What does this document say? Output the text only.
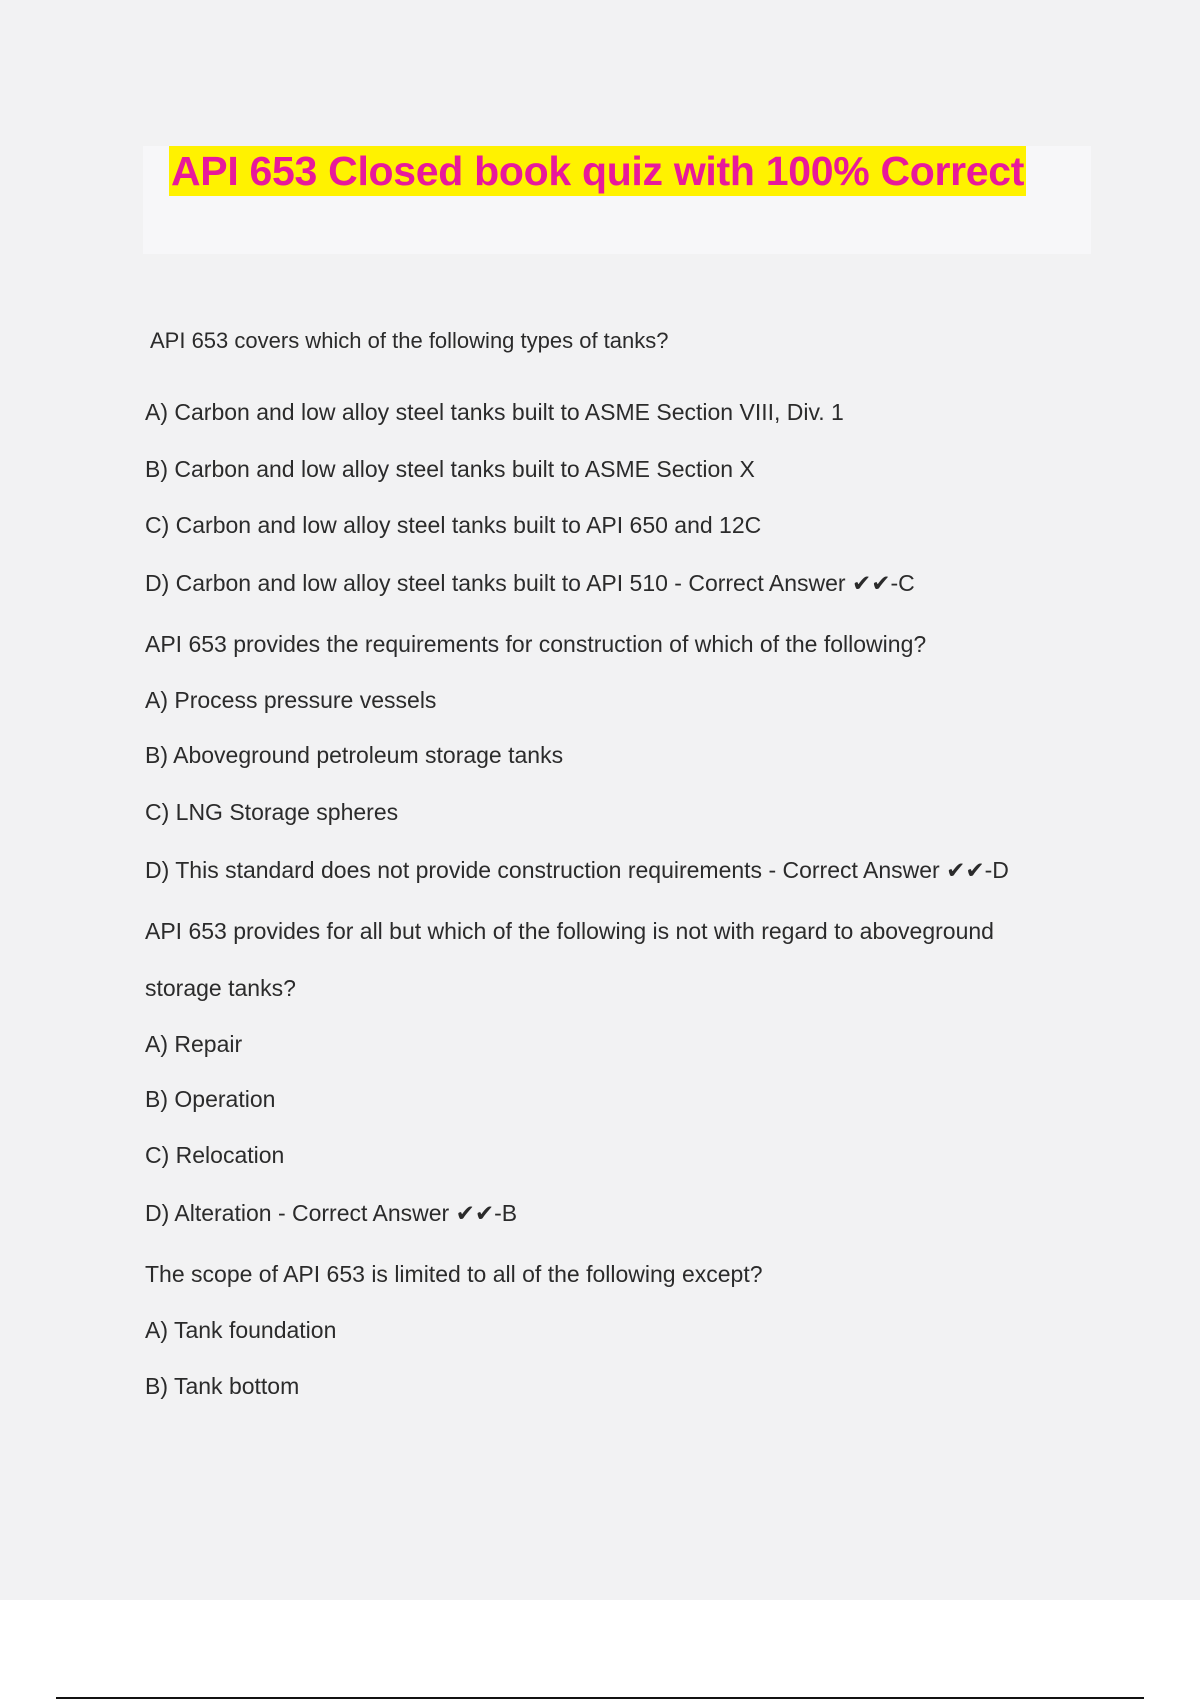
API 653 Closed book quiz with 100% Correct
API 653 covers which of the following types of tanks?
A) Carbon and low alloy steel tanks built to ASME Section VIII, Div. 1
B) Carbon and low alloy steel tanks built to ASME Section X
C) Carbon and low alloy steel tanks built to API 650 and 12C
D) Carbon and low alloy steel tanks built to API 510 - Correct Answer ✔✔-C
API 653 provides the requirements for construction of which of the following?
A) Process pressure vessels
B) Aboveground petroleum storage tanks
C) LNG Storage spheres
D) This standard does not provide construction requirements - Correct Answer ✔✔-D
API 653 provides for all but which of the following is not with regard to aboveground
storage tanks?
A) Repair
B) Operation
C) Relocation
D) Alteration - Correct Answer ✔✔-B
The scope of API 653 is limited to all of the following except?
A) Tank foundation
B) Tank bottom
